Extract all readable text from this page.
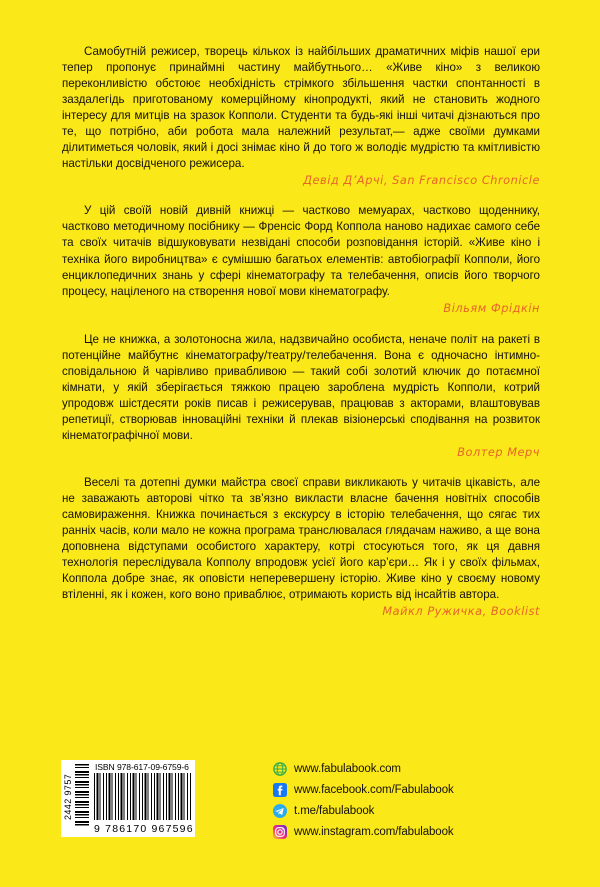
Самобутній режисер, творець кількох із найбільших драматичних міфів нашої ери тепер пропонує принаймні частину майбутнього… «Живе кіно» з великою переконливістю обстоює необхідність стрімкого збільшення частки спонтанності в заздалегідь приготованому комерційному кінопродукті, який не становить жодного інтересу для митців на зразок Копполи. Студенти та будь-які інші читачі дізнаються про те, що потрібно, аби робота мала належний результат,— адже своїми думками ділитиметься чоловік, який і досі знімає кіно й до того ж володіє мудрістю та кмітливістю настільки досвідченого режисера.

Девід Д’Арчі, San Francisco Chronicle

У цій своїй новій дивній книжці — частково мемуарах, частково щоденнику, частково методичному посібнику — Френсіс Форд Коппола наново надихає самого себе та своїх читачів відшуковувати незвідані способи розповідання історій. «Живе кіно і техніка його виробництва» є сумішшю багатьох елементів: автобіографії Копполи, його енциклопедичних знань у сфері кінематографу та телебачення, описів його творчого процесу, націленого на створення нової мови кінематографу.

Вільям Фрідкін

Це не книжка, а золотоносна жила, надзвичайно особиста, неначе політ на ракеті в потенційне майбутнє кінематографу/театру/телебачення. Вона є одночасно інтимно-сповідальною й чарівливо привабливою — такий собі золотий ключик до потаємної кімнати, у якій зберігається тяжкою працею зароблена мудрість Копполи, котрий упродовж шістдесяти років писав і режисерував, працював з акторами, влаштовував репетиції, створював інноваційні техніки й плекав візіонерські сподівання на розвиток кінематографічної мови.

Волтер Мерч

Веселі та дотепні думки майстра своєї справи викликають у читачів цікавість, але не заважають авторові чітко та зв’язно викласти власне бачення новітніх способів самовираження. Книжка починається з екскурсу в історію телебачення, що сягає тих ранніх часів, коли мало не кожна програма транслювалася глядачам наживо, а ще вона доповнена відступами особистого характеру, котрі стосуються того, як ця давня технологія переслідувала Копполу впродовж усієї його кар’єри… Як і у своїх фільмах, Коппола добре знає, як оповісти неперевершену історію. Живе кіно у своєму новому втіленні, як і кожен, кого воно приваблює, отримають користь від інсайтів автора.

Майкл Ружичка, Booklist

2442 9757
ISBN 978-617-09-6759-6
9 786170 967596
www.fabulabook.com
www.facebook.com/Fabulabook
t.me/fabulabook
www.instagram.com/fabulabook
